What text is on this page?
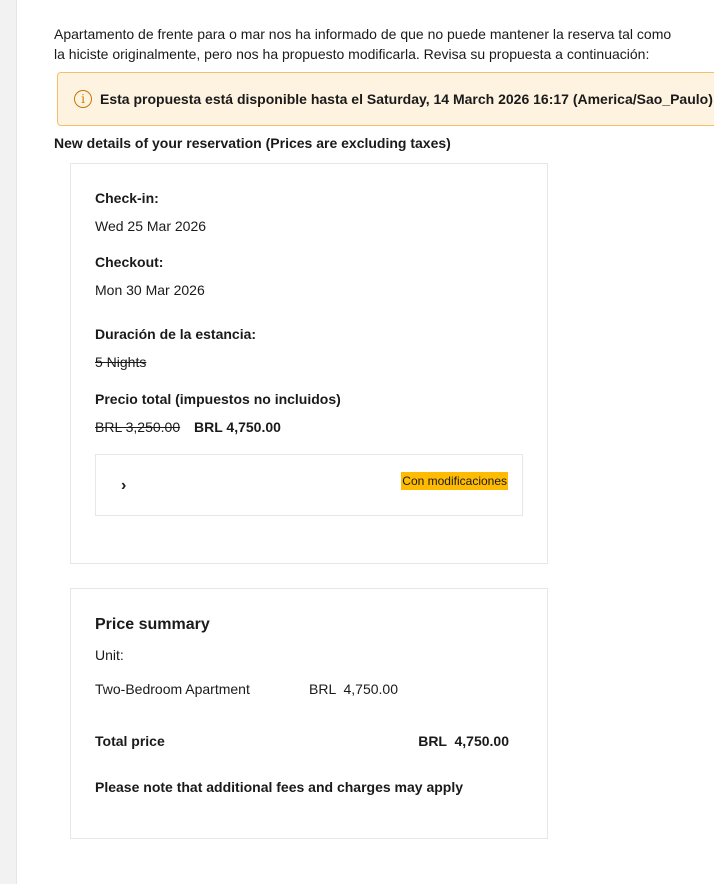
Apartamento de frente para o mar nos ha informado de que no puede mantener la reserva tal como
la hiciste originalmente, pero nos ha propuesto modificarla. Revisa su propuesta a continuación:
i	Esta propuesta está disponible hasta el Saturday, 14 March 2026 16:17 (America/Sao_Paulo)
New details of your reservation (Prices are excluding taxes)
Check-in:
Wed 25 Mar 2026
Checkout:
Mon 30 Mar 2026
Duración de la estancia:
5 Nights
Precio total (impuestos no incluidos)
BRL 3,250.00 BRL 4,750.00
›	Con modificaciones
Price summary
Unit:
Two-Bedroom Apartment	BRL  4,750.00
Total price	BRL  4,750.00
Please note that additional fees and charges may apply
